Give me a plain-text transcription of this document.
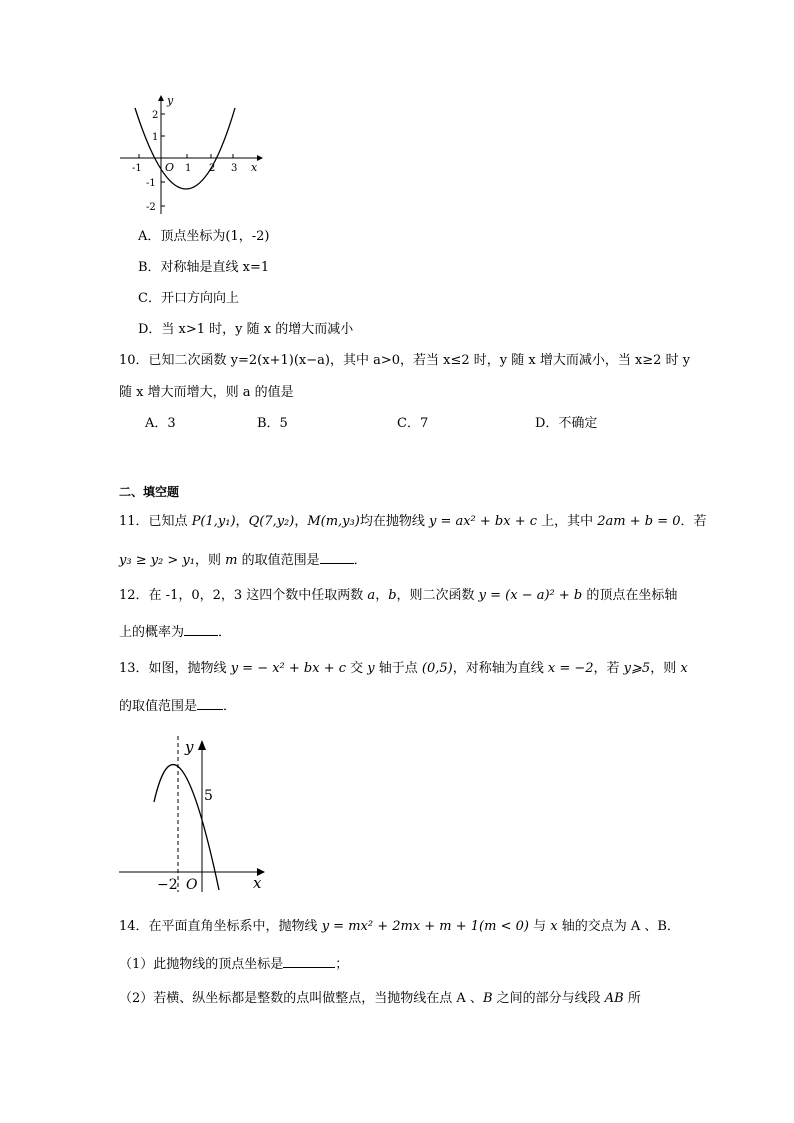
y
x
O
-1	1 2 3
2
1
-1
-2
A．顶点坐标为(1，-2)
B．对称轴是直线 x=1
C．开口方向向上
D．当 x>1 时，y 随 x 的增大而减小
10．已知二次函数 y=2(x+1)(x−a)，其中 a>0，若当 x≤2 时，y 随 x 增大而减小，当 x≥2 时 y
随 x 增大而增大，则 a 的值是
A．3	B．5	C．7	D．不确定
二、填空题
11．已知点 P(1,y₁)，Q(7,y₂)，M(m,y₃)均在抛物线 y = ax² + bx + c 上，其中 2am + b = 0．若
y₃ ≥ y₂ > y₁，则 m 的取值范围是	．
12．在 -1，0，2，3 这四个数中任取两数 a，b，则二次函数 y = (x − a)² + b 的顶点在坐标轴
上的概率为	．
13．如图，抛物线 y = − x² + bx + c 交 y 轴于点 (0,5)，对称轴为直线 x = −2，若 y⩾5，则 x
的取值范围是 ．
y
x
O
−2
5
14．在平面直角坐标系中，抛物线 y = mx² + 2mx + m + 1(m < 0) 与 x 轴的交点为 A 、B．
（1）此抛物线的顶点坐标是	；
（2）若横、纵坐标都是整数的点叫做整点，当抛物线在点 A 、B 之间的部分与线段 AB 所
